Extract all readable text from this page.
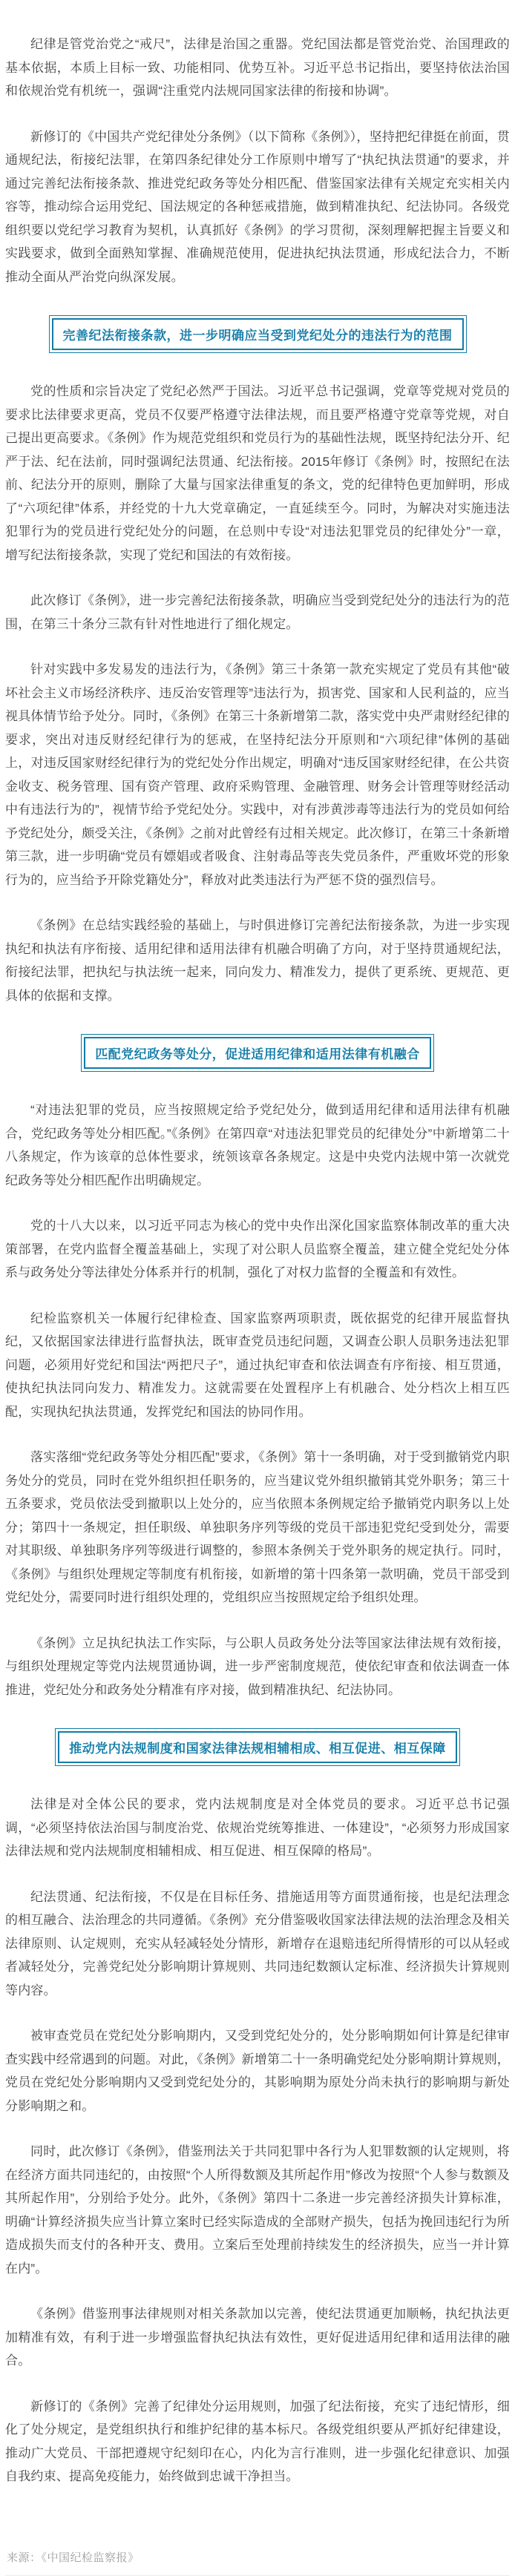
纪律是管党治党之“戒尺”，法律是治国之重器。党纪国法都是管党治党、治国理政的基本依据，本质上目标一致、功能相同、优势互补。习近平总书记指出，要坚持依法治国和依规治党有机统一，强调“注重党内法规同国家法律的衔接和协调”。

新修订的《中国共产党纪律处分条例》（以下简称《条例》），坚持把纪律挺在前面，贯通规纪法，衔接纪法罪，在第四条纪律处分工作原则中增写了“执纪执法贯通”的要求，并通过完善纪法衔接条款、推进党纪政务等处分相匹配、借鉴国家法律有关规定充实相关内容等，推动综合运用党纪、国法规定的各种惩戒措施，做到精准执纪、纪法协同。各级党组织要以党纪学习教育为契机，认真抓好《条例》的学习贯彻，深刻理解把握主旨要义和实践要求，做到全面熟知掌握、准确规范使用，促进执纪执法贯通，形成纪法合力，不断推动全面从严治党向纵深发展。

完善纪法衔接条款，进一步明确应当受到党纪处分的违法行为的范围

党的性质和宗旨决定了党纪必然严于国法。习近平总书记强调，党章等党规对党员的要求比法律要求更高，党员不仅要严格遵守法律法规，而且要严格遵守党章等党规，对自己提出更高要求。《条例》作为规范党组织和党员行为的基础性法规，既坚持纪法分开、纪严于法、纪在法前，同时强调纪法贯通、纪法衔接。2015年修订《条例》时，按照纪在法前、纪法分开的原则，删除了大量与国家法律重复的条文，党的纪律特色更加鲜明，形成了“六项纪律”体系，并经党的十九大党章确定，一直延续至今。同时，为解决对实施违法犯罪行为的党员进行党纪处分的问题，在总则中专设“对违法犯罪党员的纪律处分”一章，增写纪法衔接条款，实现了党纪和国法的有效衔接。

此次修订《条例》，进一步完善纪法衔接条款，明确应当受到党纪处分的违法行为的范围，在第三十条分三款有针对性地进行了细化规定。

针对实践中多发易发的违法行为，《条例》第三十条第一款充实规定了党员有其他“破坏社会主义市场经济秩序、违反治安管理等”违法行为，损害党、国家和人民利益的，应当视具体情节给予处分。同时，《条例》在第三十条新增第二款，落实党中央严肃财经纪律的要求，突出对违反财经纪律行为的惩戒，在坚持纪法分开原则和“六项纪律”体例的基础上，对违反国家财经纪律行为的党纪处分作出规定，明确对“违反国家财经纪律，在公共资金收支、税务管理、国有资产管理、政府采购管理、金融管理、财务会计管理等财经活动中有违法行为的”，视情节给予党纪处分。实践中，对有涉黄涉毒等违法行为的党员如何给予党纪处分，颇受关注，《条例》之前对此曾经有过相关规定。此次修订，在第三十条新增第三款，进一步明确“党员有嫖娼或者吸食、注射毒品等丧失党员条件，严重败坏党的形象行为的，应当给予开除党籍处分”，释放对此类违法行为严惩不贷的强烈信号。

《条例》在总结实践经验的基础上，与时俱进修订完善纪法衔接条款，为进一步实现执纪和执法有序衔接、适用纪律和适用法律有机融合明确了方向，对于坚持贯通规纪法，衔接纪法罪，把执纪与执法统一起来，同向发力、精准发力，提供了更系统、更规范、更具体的依据和支撑。

匹配党纪政务等处分，促进适用纪律和适用法律有机融合

“对违法犯罪的党员，应当按照规定给予党纪处分，做到适用纪律和适用法律有机融合，党纪政务等处分相匹配。”《条例》在第四章“对违法犯罪党员的纪律处分”中新增第二十八条规定，作为该章的总体性要求，统领该章各条规定。这是中央党内法规中第一次就党纪政务等处分相匹配作出明确规定。

党的十八大以来，以习近平同志为核心的党中央作出深化国家监察体制改革的重大决策部署，在党内监督全覆盖基础上，实现了对公职人员监察全覆盖，建立健全党纪处分体系与政务处分等法律处分体系并行的机制，强化了对权力监督的全覆盖和有效性。

纪检监察机关一体履行纪律检查、国家监察两项职责，既依据党的纪律开展监督执纪，又依据国家法律进行监督执法，既审查党员违纪问题，又调查公职人员职务违法犯罪问题，必须用好党纪和国法“两把尺子”，通过执纪审查和依法调查有序衔接、相互贯通，使执纪执法同向发力、精准发力。这就需要在处置程序上有机融合、处分档次上相互匹配，实现执纪执法贯通，发挥党纪和国法的协同作用。

落实落细“党纪政务等处分相匹配”要求，《条例》第十一条明确，对于受到撤销党内职务处分的党员，同时在党外组织担任职务的，应当建议党外组织撤销其党外职务；第三十五条要求，党员依法受到撤职以上处分的，应当依照本条例规定给予撤销党内职务以上处分；第四十一条规定，担任职级、单独职务序列等级的党员干部违犯党纪受到处分，需要对其职级、单独职务序列等级进行调整的，参照本条例关于党外职务的规定执行。同时，《条例》与组织处理规定等制度有机衔接，如新增的第十四条第一款明确，党员干部受到党纪处分，需要同时进行组织处理的，党组织应当按照规定给予组织处理。

《条例》立足执纪执法工作实际，与公职人员政务处分法等国家法律法规有效衔接，与组织处理规定等党内法规贯通协调，进一步严密制度规范，使依纪审查和依法调查一体推进，党纪处分和政务处分精准有序对接，做到精准执纪、纪法协同。

推动党内法规制度和国家法律法规相辅相成、相互促进、相互保障

法律是对全体公民的要求，党内法规制度是对全体党员的要求。习近平总书记强调，“必须坚持依法治国与制度治党、依规治党统筹推进、一体建设”，“必须努力形成国家法律法规和党内法规制度相辅相成、相互促进、相互保障的格局”。

纪法贯通、纪法衔接，不仅是在目标任务、措施适用等方面贯通衔接，也是纪法理念的相互融合、法治理念的共同遵循。《条例》充分借鉴吸收国家法律法规的法治理念及相关法律原则、认定规则，充实从轻减轻处分情形，新增存在退赔违纪所得情形的可以从轻或者减轻处分，完善党纪处分影响期计算规则、共同违纪数额认定标准、经济损失计算规则等内容。

被审查党员在党纪处分影响期内，又受到党纪处分的，处分影响期如何计算是纪律审查实践中经常遇到的问题。对此，《条例》新增第二十一条明确党纪处分影响期计算规则，党员在党纪处分影响期内又受到党纪处分的，其影响期为原处分尚未执行的影响期与新处分影响期之和。

同时，此次修订《条例》，借鉴刑法关于共同犯罪中各行为人犯罪数额的认定规则，将在经济方面共同违纪的，由按照“个人所得数额及其所起作用”修改为按照“个人参与数额及其所起作用”，分别给予处分。此外，《条例》第四十二条进一步完善经济损失计算标准，明确“计算经济损失应当计算立案时已经实际造成的全部财产损失，包括为挽回违纪行为所造成损失而支付的各种开支、费用。立案后至处理前持续发生的经济损失，应当一并计算在内”。

《条例》借鉴刑事法律规则对相关条款加以完善，使纪法贯通更加顺畅，执纪执法更加精准有效，有利于进一步增强监督执纪执法有效性，更好促进适用纪律和适用法律的融合。

新修订的《条例》完善了纪律处分运用规则，加强了纪法衔接，充实了违纪情形，细化了处分规定，是党组织执行和维护纪律的基本标尺。各级党组织要从严抓好纪律建设，推动广大党员、干部把遵规守纪刻印在心，内化为言行准则，进一步强化纪律意识、加强自我约束、提高免疫能力，始终做到忠诚干净担当。

来源：《中国纪检监察报》
